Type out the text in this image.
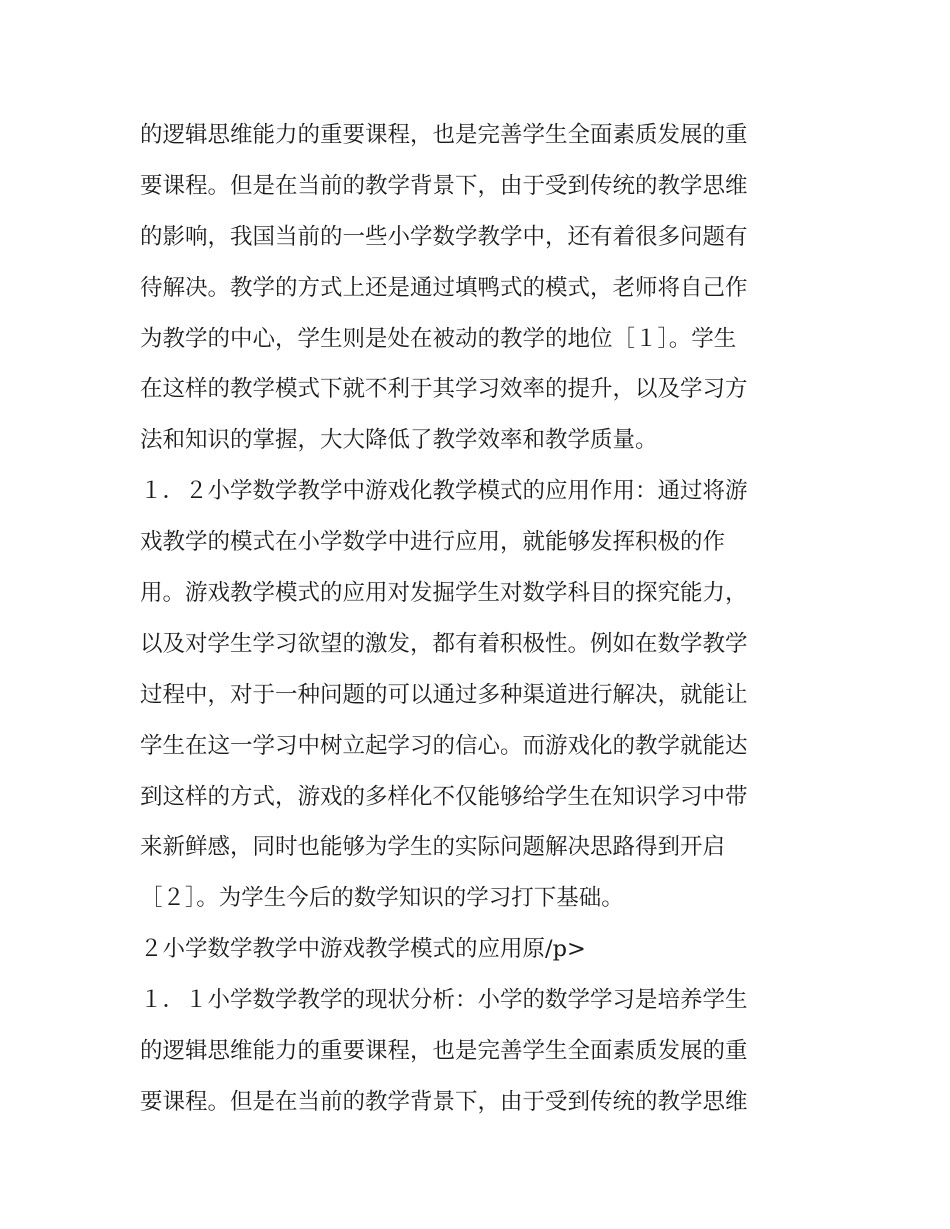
的逻辑思维能力的重要课程，也是完善学生全面素质发展的重
要课程。但是在当前的教学背景下，由于受到传统的教学思维
的影响，我国当前的一些小学数学教学中，还有着很多问题有
待解决。教学的方式上还是通过填鸭式的模式，老师将自己作
为教学的中心，学生则是处在被动的教学的地位［１］。学生
在这样的教学模式下就不利于其学习效率的提升，以及学习方
法和知识的掌握，大大降低了教学效率和教学质量。
１．２小学数学教学中游戏化教学模式的应用作用：通过将游
戏教学的模式在小学数学中进行应用，就能够发挥积极的作
用。游戏教学模式的应用对发掘学生对数学科目的探究能力，
以及对学生学习欲望的激发，都有着积极性。例如在数学教学
过程中，对于一种问题的可以通过多种渠道进行解决，就能让
学生在这一学习中树立起学习的信心。而游戏化的教学就能达
到这样的方式，游戏的多样化不仅能够给学生在知识学习中带
来新鲜感，同时也能够为学生的实际问题解决思路得到开启
［２］。为学生今后的数学知识的学习打下基础。
２小学数学教学中游戏教学模式的应用原/p>
１．１小学数学教学的现状分析：小学的数学学习是培养学生
的逻辑思维能力的重要课程，也是完善学生全面素质发展的重
要课程。但是在当前的教学背景下，由于受到传统的教学思维
